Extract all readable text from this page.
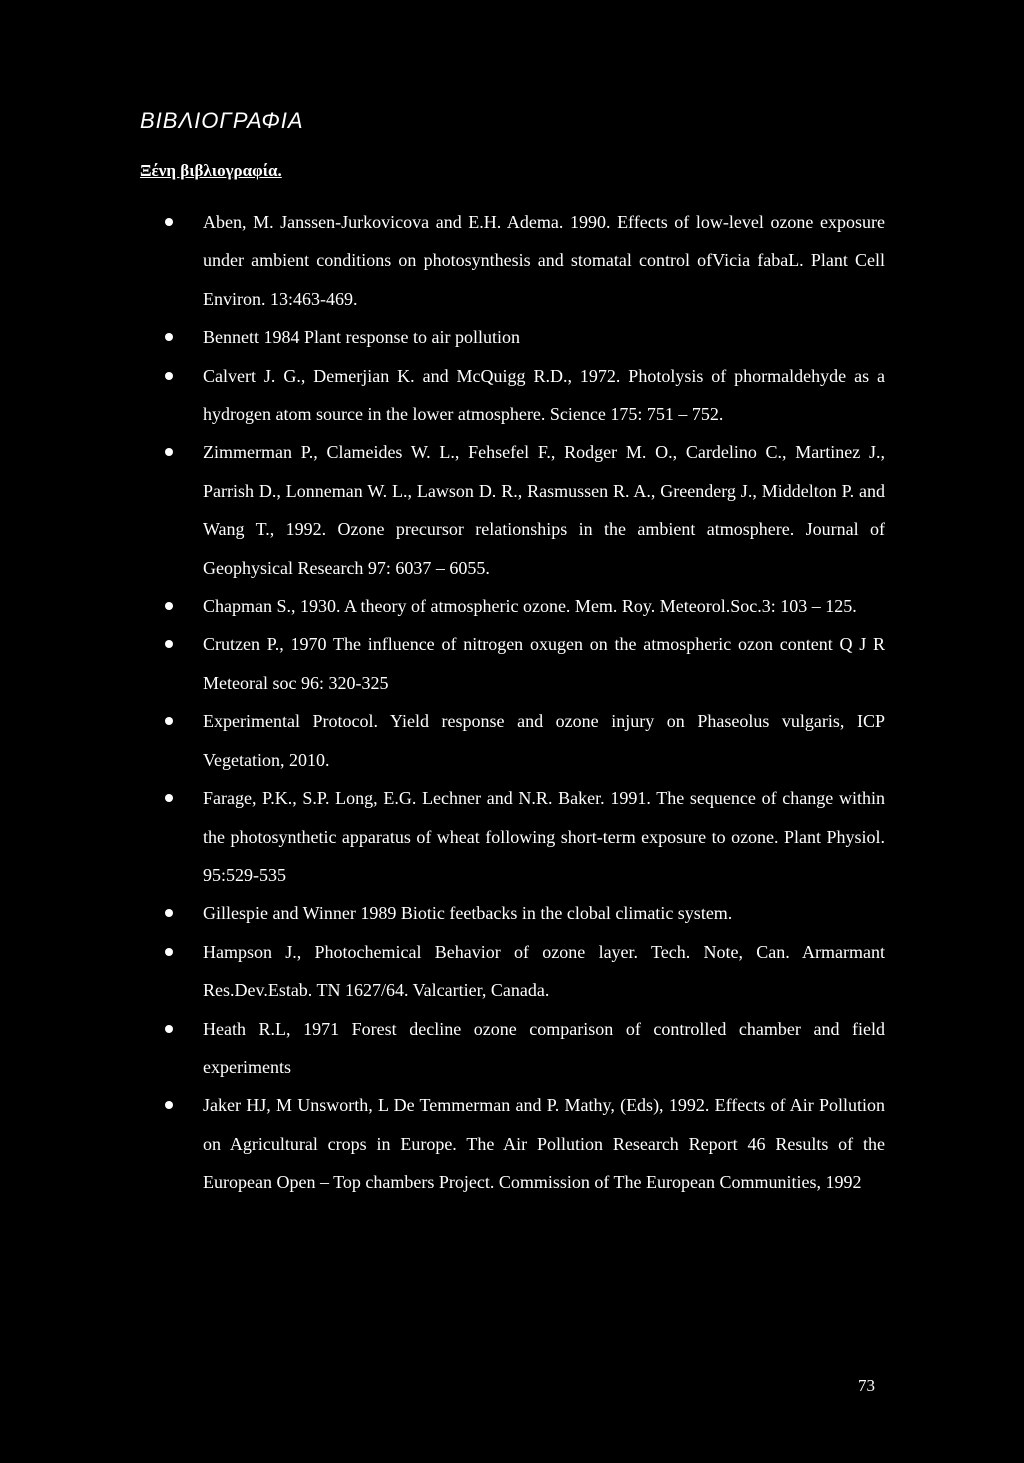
ΒΙΒΛΙΟΓΡΑΦΙΑ
Ξένη βιβλιογραφία.
Aben, M. Janssen-Jurkovicova and E.H. Adema. 1990. Effects of low-level ozone exposure under ambient conditions on photosynthesis and stomatal control ofVicia fabaL. Plant Cell Environ. 13:463-469.
Bennett 1984 Plant response to air pollution
Calvert J. G., Demerjian K. and McQuigg R.D., 1972. Photolysis of phormaldehyde as a hydrogen atom source in the lower atmosphere. Science 175: 751 – 752.
Zimmerman P., Clameides W. L., Fehsefel F., Rodger M. O., Cardelino C., Martinez J., Parrish D., Lonneman W. L., Lawson D. R., Rasmussen R. A., Greenderg J., Middelton P. and Wang T., 1992. Ozone precursor relationships in the ambient atmosphere. Journal of Geophysical Research 97: 6037 – 6055.
Chapman S., 1930. A theory of atmospheric ozone. Mem. Roy. Meteorol.Soc.3: 103 – 125.
Crutzen P., 1970 The influence of nitrogen oxugen on the atmospheric ozon content Q J R Meteoral soc 96: 320-325
Experimental Protocol. Yield response and ozone injury on Phaseolus vulgaris, ICP Vegetation, 2010.
Farage, P.K., S.P. Long, E.G. Lechner and N.R. Baker. 1991. The sequence of change within the photosynthetic apparatus of wheat following short-term exposure to ozone. Plant Physiol. 95:529-535
Gillespie and Winner 1989 Biotic feetbacks in the clobal climatic system.
Hampson J., Photochemical Behavior of ozone layer. Tech. Note, Can. Armarmant Res.Dev.Estab. TN 1627/64. Valcartier, Canada.
Heath R.L, 1971 Forest decline ozone comparison of controlled chamber and field experiments
Jaker HJ, M Unsworth, L De Temmerman and P. Mathy, (Eds), 1992. Effects of Air Pollution on Agricultural crops in Europe. The Air Pollution Research Report 46 Results of the European Open – Top chambers Project. Commission of The European Communities, 1992
73
